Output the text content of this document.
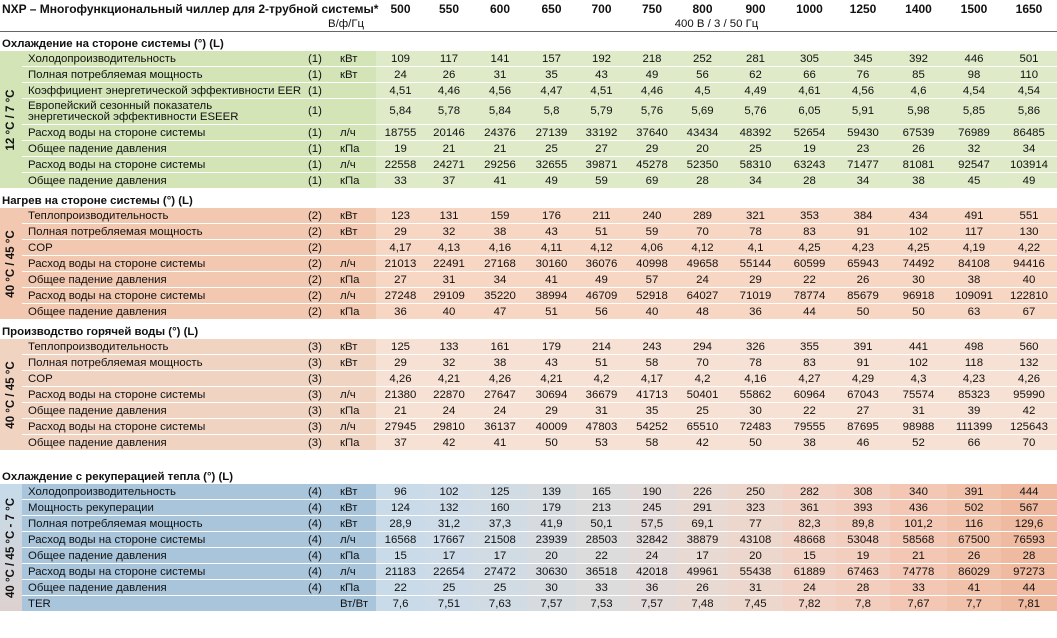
NXP – Многофункциональный чиллер для 2-трубной системы*				500	550	600	650	700	750	800	900	1000	1250	1400	1500	1650
В/ф/Гц				400 В / 3 / 50 Гц												
Охлаждение на стороне системы (°) (L)																

12 °C / 7 °C	Холодопроизводительность	(1)	кВт	109	117	141	157	192	218	252	281	305	345	392	446	501
	Полная потребляемая мощность	(1)	кВт	24	26	31	35	43	49	56	62	66	76	85	98	110
	Коэффициент энергетической эффективности EER	(1)		4,51	4,46	4,56	4,47	4,51	4,46	4,5	4,49	4,61	4,56	4,6	4,54	4,54

	Европейский сезонный показатель
энергетической эффективности ESEER	(1)		5,84	5,78	5,84	5,8	5,79	5,76	5,69	5,76	6,05	5,91	5,98	5,85	5,86
	Расход воды на стороне системы	(1)	л/ч	18755	20146	24376	27139	33192	37640	43434	48392	52654	59430	67539	76989	86485
	Общее падение давления	(1)	кПа	19	21	21	25	27	29	20	25	19	23	26	32	34
	Расход воды на стороне системы	(1)	л/ч	22558	24271	29256	32655	39871	45278	52350	58310	63243	71477	81081	92547	103914
	Общее падение давления	(1)	кПа	33	37	41	49	59	69	28	34	28	34	38	45	49
Нагрев на стороне системы (°) (L)																

40 °C / 45 °C	Теплопроизводительность	(2)	кВт	123	131	159	176	211	240	289	321	353	384	434	491	551
	Полная потребляемая мощность	(2)	кВт	29	32	38	43	51	59	70	78	83	91	102	117	130
	COP	(2)		4,17	4,13	4,16	4,11	4,12	4,06	4,12	4,1	4,25	4,23	4,25	4,19	4,22
	Расход воды на стороне системы	(2)	л/ч	21013	22491	27168	30160	36076	40998	49658	55144	60599	65943	74492	84108	94416
	Общее падение давления	(2)	кПа	27	31	34	41	49	57	24	29	22	26	30	38	40
	Расход воды на стороне системы	(2)	л/ч	27248	29109	35220	38994	46709	52918	64027	71019	78774	85679	96918	109091	122810
	Общее падение давления	(2)	кПа	36	40	47	51	56	40	48	36	44	50	50	63	67
Производство горячей воды (°) (L)																

40 °C / 45 °C	Теплопроизводительность	(3)	кВт	125	133	161	179	214	243	294	326	355	391	441	498	560
	Полная потребляемая мощность	(3)	кВт	29	32	38	43	51	58	70	78	83	91	102	118	132
	COP	(3)		4,26	4,21	4,26	4,21	4,2	4,17	4,2	4,16	4,27	4,29	4,3	4,23	4,26
	Расход воды на стороне системы	(3)	л/ч	21380	22870	27647	30694	36679	41713	50401	55862	60964	67043	75574	85323	95990
	Общее падение давления	(3)	кПа	21	24	24	29	31	35	25	30	22	27	31	39	42
	Расход воды на стороне системы	(3)	л/ч	27945	29810	36137	40009	47803	54252	65510	72483	79555	87695	98988	111399	125643
	Общее падение давления	(3)	кПа	37	42	41	50	53	58	42	50	38	46	52	66	70

Охлаждение с рекуперацией тепла (°) (L)																

40 °C / 45 °C - 7 °C	Холодопроизводительность	(4)	кВт	96	102	125	139	165	190	226	250	282	308	340	391	444
	Мощность рекуперации	(4)	кВт	124	132	160	179	213	245	291	323	361	393	436	502	567
	Полная потребляемая мощность	(4)	кВт	28,9	31,2	37,3	41,9	50,1	57,5	69,1	77	82,3	89,8	101,2	116	129,6
	Расход воды на стороне системы	(4)	л/ч	16568	17667	21508	23939	28503	32842	38879	43108	48668	53048	58568	67500	76593
	Общее падение давления	(4)	кПа	15	17	17	20	22	24	17	20	15	19	21	26	28
	Расход воды на стороне системы	(4)	л/ч	21183	22654	27472	30630	36518	42018	49961	55438	61889	67463	74778	86029	97273
	Общее падение давления	(4)	кПа	22	25	25	30	33	36	26	31	24	28	33	41	44
	TER		Вт/Вт	7,6	7,51	7,63	7,57	7,53	7,57	7,48	7,45	7,82	7,8	7,67	7,7	7,81
